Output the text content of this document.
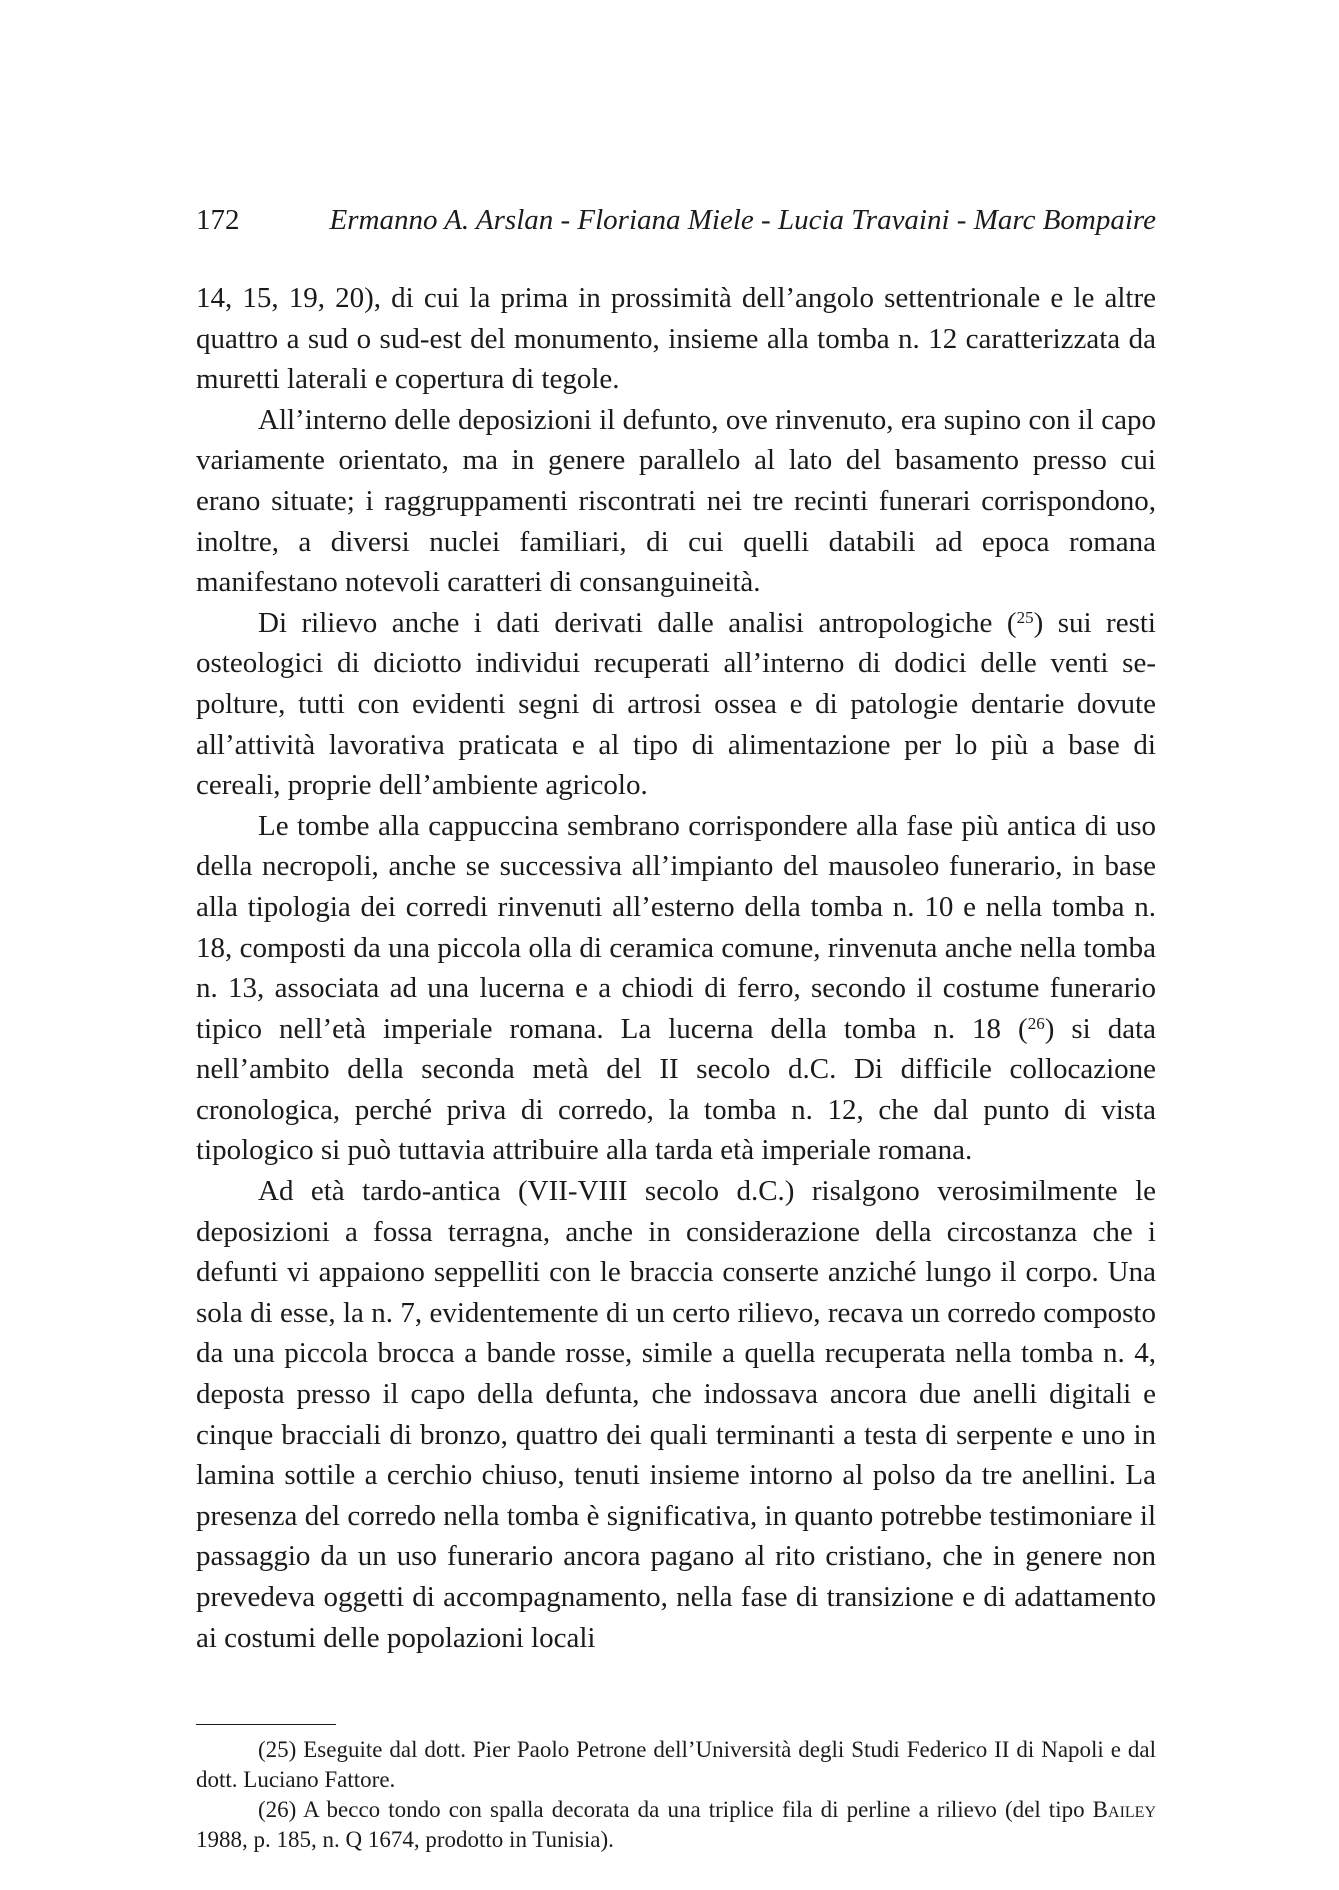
172	Ermanno A. Arslan - Floriana Miele - Lucia Travaini - Marc Bompaire

14, 15, 19, 20), di cui la prima in prossimità dell’angolo settentrionale e le altre quattro a sud o sud-est del monumento, insieme alla tomba n. 12 caratterizzata da muretti laterali e copertura di tegole.

All’interno delle deposizioni il defunto, ove rinvenuto, era supino con il capo variamente orientato, ma in genere parallelo al lato del basamento presso cui erano situate; i raggruppamenti riscontrati nei tre recinti funerari corrispondono, inoltre, a diversi nuclei familiari, di cui quelli databili ad epoca romana manifestano notevoli caratteri di consanguineità.

Di rilievo anche i dati derivati dalle analisi antropologiche ($^{25}$) sui resti osteologici di diciotto individui recuperati all’interno di dodici delle venti sepolture, tutti con evidenti segni di artrosi ossea e di patologie dentarie dovute all’attività lavorativa praticata e al tipo di alimentazione per lo più a base di cereali, proprie dell’ambiente agricolo.

Le tombe alla cappuccina sembrano corrispondere alla fase più antica di uso della necropoli, anche se successiva all’impianto del mausoleo funerario, in base alla tipologia dei corredi rinvenuti all’esterno della tomba n. 10 e nella tomba n. 18, composti da una piccola olla di ceramica comune, rinvenuta anche nella tomba n. 13, associata ad una lucerna e a chiodi di ferro, secondo il costume funerario tipico nell’età imperiale romana. La lucerna della tomba n. 18 ($^{26}$) si data nell’ambito della seconda metà del II secolo d.C. Di difficile collocazione cronologica, perché priva di corredo, la tomba n. 12, che dal punto di vista tipologico si può tuttavia attribuire alla tarda età imperiale romana.

Ad età tardo-antica (VII-VIII secolo d.C.) risalgono verosimilmente le deposizioni a fossa terragna, anche in considerazione della circostanza che i defunti vi appaiono seppelliti con le braccia conserte anziché lungo il corpo. Una sola di esse, la n. 7, evidentemente di un certo rilievo, recava un corredo composto da una piccola brocca a bande rosse, simile a quella recuperata nella tomba n. 4, deposta presso il capo della defunta, che indossava ancora due anelli digitali e cinque bracciali di bronzo, quattro dei quali terminanti a testa di serpente e uno in lamina sottile a cerchio chiuso, tenuti insieme intorno al polso da tre anellini. La presenza del corredo nella tomba è significativa, in quanto potrebbe testimoniare il passaggio da un uso funerario ancora pagano al rito cristiano, che in genere non prevedeva oggetti di accompagnamento, nella fase di transizione e di adattamento ai costumi delle popolazioni locali

(25) Eseguite dal dott. Pier Paolo Petrone dell’Università degli Studi Federico II di Napoli e dal dott. Luciano Fattore.

(26) A becco tondo con spalla decorata da una triplice fila di perline a rilievo (del tipo Bailey 1988, p. 185, n. Q 1674, prodotto in Tunisia).
